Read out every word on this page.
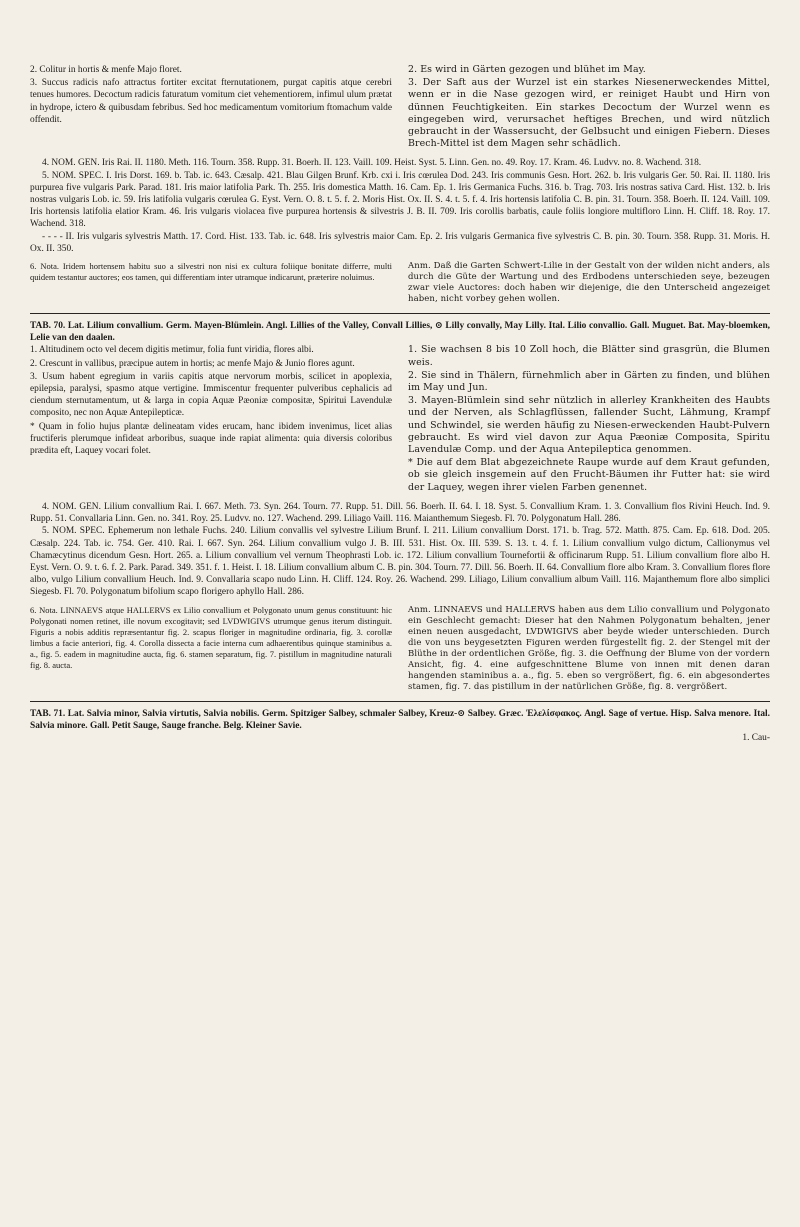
2. Colitur in hortis & menfe Majo floret.

3. Succus radicis nafo attractus fortiter excitat fternutationem, purgat capitis atque cerebri tenues humores. Decoctum radicis faturatum vomitum ciet vehementiorem, infimul ulum prætat in hydrope, ictero & quibusdam febribus. Sed hoc medicamentum vomitorium ftomachum valde offendit.

2. Es wird in Gärten gezogen und blühet im May.

3. Der Saft aus der Wurzel ist ein starkes Niesenerweckendes Mittel, wenn er in die Nase gezogen wird, er reiniget Haubt und Hirn von dünnen Feuchtigkeiten. Ein starkes Decoctum der Wurzel wenn es eingegeben wird, verursachet heftiges Brechen, und wird nützlich gebraucht in der Wassersucht, der Gelbsucht und einigen Fiebern. Dieses Brech-Mittel ist dem Magen sehr schädlich.

4. NOM. GEN. Iris Rai. II. 1180. Meth. 116. Tourn. 358. Rupp. 31. Boerh. II. 123. Vaill. 109. Heist. Syst. 5. Linn. Gen. no. 49. Roy. 17. Kram. 46. Ludvv. no. 8. Wachend. 318.

5. NOM. SPEC. I. Iris Dorst. 169. b. Tab. ic. 643. Cæsalp. 421. Blau Gilgen Brunf. Krb. cxi i. Iris cœrulea Dod. 243. Iris communis Gesn. Hort. 262. b. Iris vulgaris Ger. 50. Rai. II. 1180. Iris purpurea five vulgaris Park. Parad. 181. Iris maior latifolia Park. Th. 255. Iris domestica Matth. 16. Cam. Ep. 1. Iris Germanica Fuchs. 316. b. Trag. 703. Iris nostras sativa Card. Hist. 132. b. Iris nostras vulgaris Lob. ic. 59. Iris latifolia vulgaris cœrulea G. Eyst. Vern. O. 8. t. 5. f. 2. Moris Hist. Ox. II. S. 4. t. 5. f. 4. Iris hortensis latifolia C. B. pin. 31. Tourn. 358. Boerh. II. 124. Vaill. 109. Iris hortensis latifolia elatior Kram. 46. Iris vulgaris violacea five purpurea hortensis & silvestris J. B. II. 709. Iris corollis barbatis, caule foliis longiore multifloro Linn. H. Cliff. 18. Roy. 17. Wachend. 318.

- - - - II. Iris vulgaris sylvestris Matth. 17. Cord. Hist. 133. Tab. ic. 648. Iris sylvestris maior Cam. Ep. 2. Iris vulgaris Germanica five sylvestris C. B. pin. 30. Tourn. 358. Rupp. 31. Moris. H. Ox. II. 350.

6. Nota. Iridem hortensem habitu suo a silvestri non nisi ex cultura foliique bonitate differre, multi quidem testantur auctores; eos tamen, qui differentiam inter utramque indicarunt, præterire noluimus.
Anm. Daß die Garten Schwert-Lilie in der Gestalt von der wilden nicht anders, als durch die Güte der Wartung und des Erdbodens unterschieden seye, bezeugen zwar viele Auctores: doch haben wir diejenige, die den Unterscheid angezeiget haben, nicht vorbey gehen wollen.

TAB. 70. Lat. Lilium convallium. Germ. Mayen-Blümlein. Angl. Lillies of the Valley, Convall Lillies, ⊙ Lilly convally, May Lilly. Ital. Lilio convallio. Gall. Muguet. Bat. May-bloemken, Lelie van den daalen.

1. Altitudinem octo vel decem digitis metimur, folia funt viridia, flores albi.

2. Crescunt in vallibus, præcipue autem in hortis; ac menfe Majo & Junio flores agunt.

3. Usum habent egregium in variis capitis atque nervorum morbis, scilicet in apoplexia, epilepsia, paralysi, spasmo atque vertigine. Immiscentur frequenter pulveribus cephalicis ad ciendum sternutamentum, ut & larga in copia Aquæ Pæoniæ compositæ, Spiritui Lavendulæ composito, nec non Aquæ Antepilepticæ.

* Quam in folio hujus plantæ delineatam vides erucam, hanc ibidem invenimus, licet alias fructiferis plerumque infideat arboribus, suaque inde rapiat alimenta: quia diversis coloribus prædita eft, Laquey vocari folet.

1. Sie wachsen 8 bis 10 Zoll hoch, die Blätter sind grasgrün, die Blumen weis.

2. Sie sind in Thälern, fürnehmlich aber in Gärten zu finden, und blühen im May und Jun.

3. Mayen-Blümlein sind sehr nützlich in allerley Krankheiten des Haubts und der Nerven, als Schlagflüssen, fallender Sucht, Lähmung, Krampf und Schwindel, sie werden häufig zu Niesen-erweckenden Haubt-Pulvern gebraucht. Es wird viel davon zur Aqua Pæoniæ Composita, Spiritu Lavendulæ Comp. und der Aqua Antepileptica genommen.

* Die auf dem Blat abgezeichnete Raupe wurde auf dem Kraut gefunden, ob sie gleich insgemein auf den Frucht-Bäumen ihr Futter hat: sie wird der Laquey, wegen ihrer vielen Farben genennet.

4. NOM. GEN. Lilium convallium Rai. I. 667. Meth. 73. Syn. 264. Tourn. 77. Rupp. 51. Dill. 56. Boerh. II. 64. I. 18. Syst. 5. Convallium Kram. 1. 3. Convallium flos Rivini Heuch. Ind. 9. Rupp. 51. Convallaria Linn. Gen. no. 341. Roy. 25. Ludvv. no. 127. Wachend. 299. Liliago Vaill. 116. Maianthemum Siegesb. Fl. 70. Polygonatum Hall. 286.

5. NOM. SPEC. Ephemerum non lethale Fuchs. 240. Lilium convallis vel sylvestre Lilium Brunf. I. 211. Lilium convallium Dorst. 171. b. Trag. 572. Matth. 875. Cam. Ep. 618. Dod. 205. Cæsalp. 224. Tab. ic. 754. Ger. 410. Rai. I. 667. Syn. 264. Lilium convallium vulgo J. B. III. 531. Hist. Ox. III. 539. S. 13. t. 4. f. 1. Lilium convallium vulgo dictum, Callionymus vel Chamæcytinus dicendum Gesn. Hort. 265. a. Lilium convallium vel vernum Theophrasti Lob. ic. 172. Lilium convallium Tournefortii & officinarum Rupp. 51. Lilium convallium flore albo H. Eyst. Vern. O. 9. t. 6. f. 2. Park. Parad. 349. 351. f. 1. Heist. I. 18. Lilium convallium album C. B. pin. 304. Tourn. 77. Dill. 56. Boerh. II. 64. Convallium flore albo Kram. 3. Convallium flores flore albo, vulgo Lilium convallium Heuch. Ind. 9. Convallaria scapo nudo Linn. H. Cliff. 124. Roy. 26. Wachend. 299. Liliago, Lilium convallium album Vaill. 116. Majanthemum flore albo simplici Siegesb. Fl. 70. Polygonatum bifolium scapo florigero aphyllo Hall. 286.

6. Nota. LINNAEVS atque HALLERVS ex Lilio convallium et Polygonato unum genus constituunt: hic Polygonati nomen retinet, ille novum excogitavit; sed LVDWIGIVS utrumque genus iterum distinguit. Figuris a nobis additis repræsentantur fig. 2. scapus floriger in magnitudine ordinaria, fig. 3. corollæ limbus a facie anteriori, fig. 4. Corolla dissecta a facie interna cum adhaerentibus quinque staminibus a. a., fig. 5. eadem in magnitudine aucta, fig. 6. stamen separatum, fig. 7. pistillum in magnitudine naturali fig. 8. aucta.
Anm. LINNAEVS und HALLERVS haben aus dem Lilio convallium und Polygonato ein Geschlecht gemacht: Dieser hat den Nahmen Polygonatum behalten, jener einen neuen ausgedacht, LVDWIGIVS aber beyde wieder unterschieden. Durch die von uns beygesetzten Figuren werden fürgestellt fig. 2. der Stengel mit der Blüthe in der ordentlichen Größe, fig. 3. die Oeffnung der Blume von der vordern Ansicht, fig. 4. eine aufgeschnittene Blume von innen mit denen daran hangenden staminibus a. a., fig. 5. eben so vergrößert, fig. 6. ein abgesondertes stamen, fig. 7. das pistillum in der natürlichen Größe, fig. 8. vergrößert.

TAB. 71. Lat. Salvia minor, Salvia virtutis, Salvia nobilis. Germ. Spitziger Salbey, schmaler Salbey, Kreuz-⊙ Salbey. Græc. Ἐλελίσφακος. Angl. Sage of vertue. Hisp. Salva menore. Ital. Salvia minore. Gall. Petit Sauge, Sauge franche. Belg. Kleiner Savie.

1. Cau-
